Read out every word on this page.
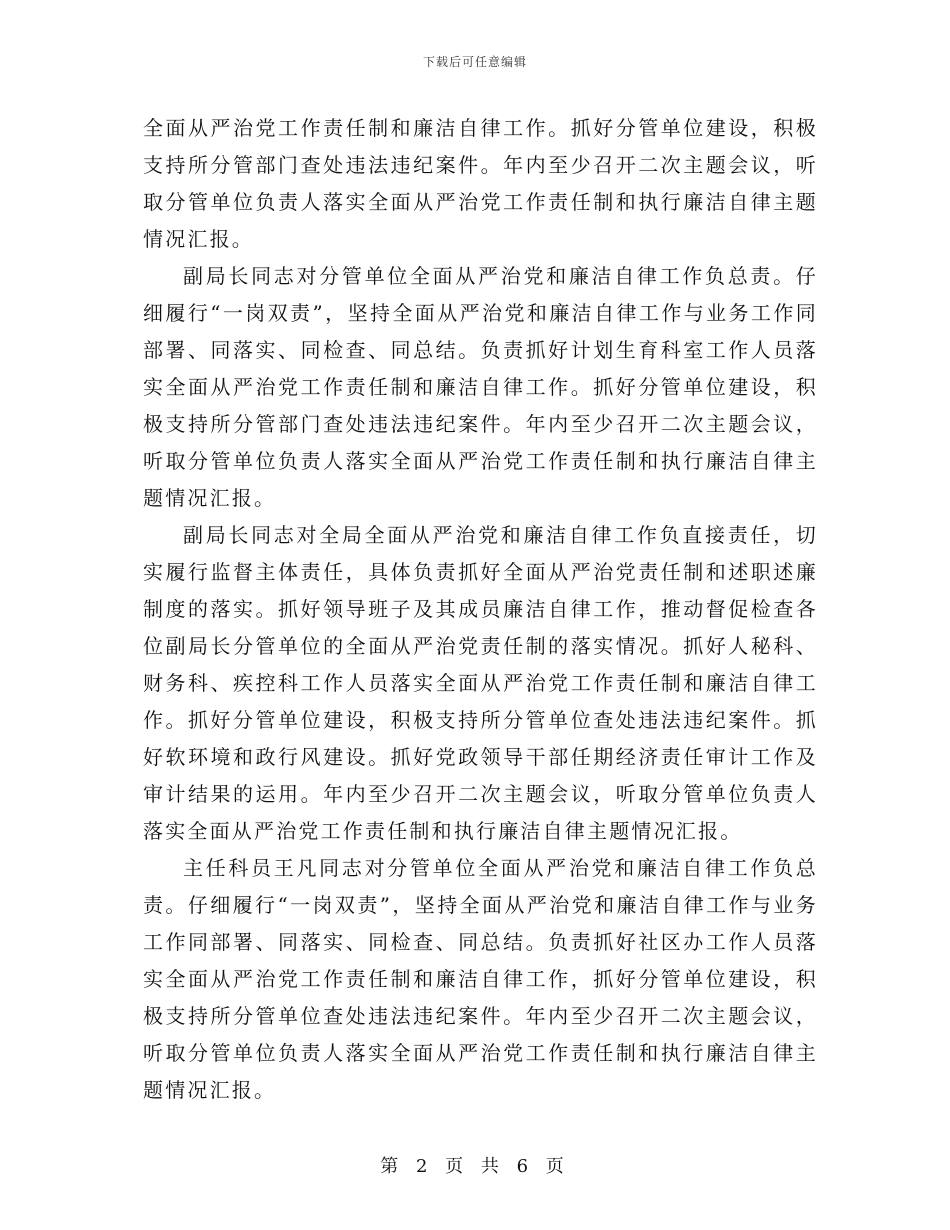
下载后可任意编辑

全面从严治党工作责任制和廉洁自律工作。抓好分管单位建设，积极支持所分管部门查处违法违纪案件。年内至少召开二次主题会议，听取分管单位负责人落实全面从严治党工作责任制和执行廉洁自律主题情况汇报。

副局长同志对分管单位全面从严治党和廉洁自律工作负总责。仔细履行“一岗双责”，坚持全面从严治党和廉洁自律工作与业务工作同部署、同落实、同检查、同总结。负责抓好计划生育科室工作人员落实全面从严治党工作责任制和廉洁自律工作。抓好分管单位建设，积极支持所分管部门查处违法违纪案件。年内至少召开二次主题会议，听取分管单位负责人落实全面从严治党工作责任制和执行廉洁自律主题情况汇报。

副局长同志对全局全面从严治党和廉洁自律工作负直接责任，切实履行监督主体责任，具体负责抓好全面从严治党责任制和述职述廉制度的落实。抓好领导班子及其成员廉洁自律工作，推动督促检查各位副局长分管单位的全面从严治党责任制的落实情况。抓好人秘科、财务科、疾控科工作人员落实全面从严治党工作责任制和廉洁自律工作。抓好分管单位建设，积极支持所分管单位查处违法违纪案件。抓好软环境和政行风建设。抓好党政领导干部任期经济责任审计工作及审计结果的运用。年内至少召开二次主题会议，听取分管单位负责人落实全面从严治党工作责任制和执行廉洁自律主题情况汇报。

主任科员王凡同志对分管单位全面从严治党和廉洁自律工作负总责。仔细履行“一岗双责”，坚持全面从严治党和廉洁自律工作与业务工作同部署、同落实、同检查、同总结。负责抓好社区办工作人员落实全面从严治党工作责任制和廉洁自律工作，抓好分管单位建设，积极支持所分管单位查处违法违纪案件。年内至少召开二次主题会议，听取分管单位负责人落实全面从严治党工作责任制和执行廉洁自律主题情况汇报。

第 2 页 共 6 页
